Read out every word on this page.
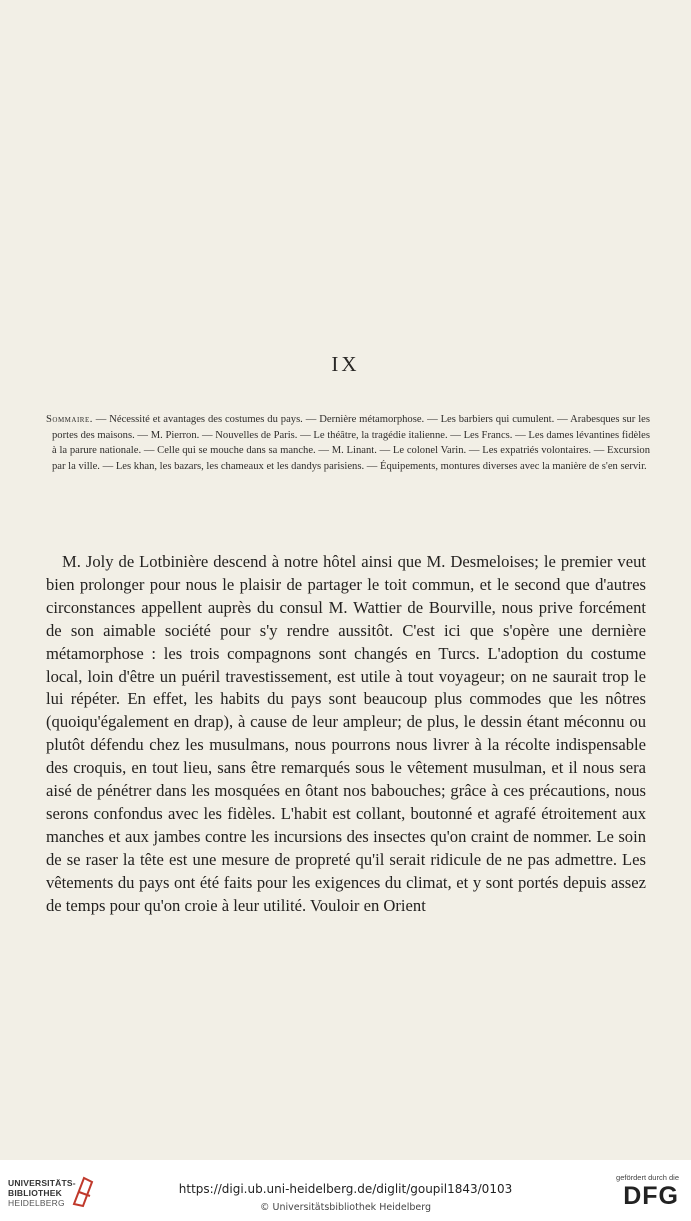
IX
Sommaire. — Nécessité et avantages des costumes du pays. — Dernière métamorphose. — Les barbiers qui cumulent. — Arabesques sur les portes des maisons. — M. Pierron. — Nouvelles de Paris. — Le théâtre, la tragédie italienne. — Les Francs. — Les dames lévantines fidèles à la parure nationale. — Celle qui se mouche dans sa manche. — M. Linant. — Le colonel Varin. — Les expatriés volontaires. — Excursion par la ville. — Les khan, les bazars, les chameaux et les dandys parisiens. — Équipements, montures diverses avec la manière de s'en servir.

M. Joly de Lotbinière descend à notre hôtel ainsi que M. Desmeloises; le premier veut bien prolonger pour nous le plaisir de partager le toit commun, et le second que d'autres circonstances appellent auprès du consul M. Wattier de Bourville, nous prive forcément de son aimable société pour s'y rendre aussitôt. C'est ici que s'opère une dernière métamorphose : les trois compagnons sont changés en Turcs. L'adoption du costume local, loin d'être un puéril travestissement, est utile à tout voyageur; on ne saurait trop le lui répéter. En effet, les habits du pays sont beaucoup plus commodes que les nôtres (quoiqu'également en drap), à cause de leur ampleur; de plus, le dessin étant méconnu ou plutôt défendu chez les musulmans, nous pourrons nous livrer à la récolte indispensable des croquis, en tout lieu, sans être remarqués sous le vêtement musulman, et il nous sera aisé de pénétrer dans les mosquées en ôtant nos babouches; grâce à ces précautions, nous serons confondus avec les fidèles. L'habit est collant, boutonné et agrafé étroitement aux manches et aux jambes contre les incursions des insectes qu'on craint de nommer. Le soin de se raser la tête est une mesure de propreté qu'il serait ridicule de ne pas admettre. Les vêtements du pays ont été faits pour les exigences du climat, et y sont portés depuis assez de temps pour qu'on croie à leur utilité. Vouloir en Orient

UNIVERSITÄTS-
BIBLIOTHEK
HEIDELBERG
https://digi.ub.uni-heidelberg.de/diglit/goupil1843/0103
© Universitätsbibliothek Heidelberg
gefördert durch die
DFG
